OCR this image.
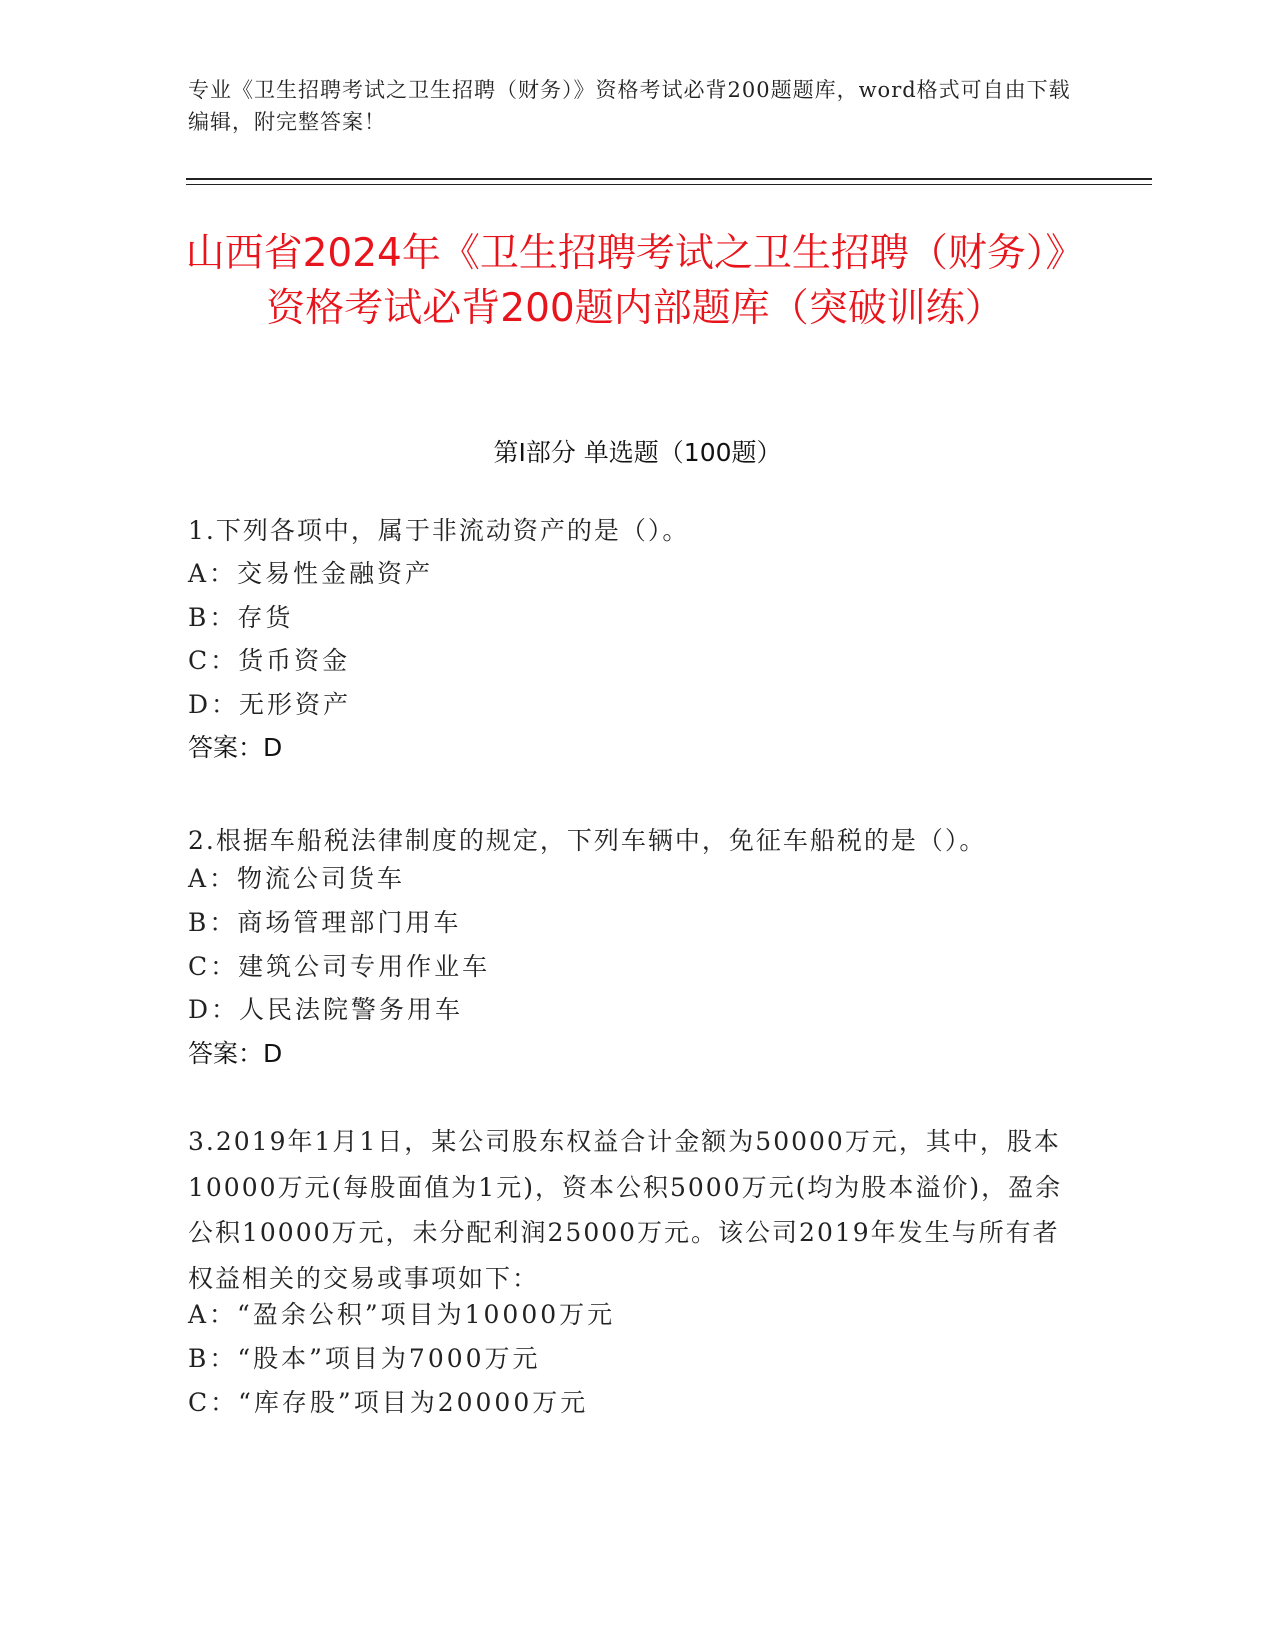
专业《卫生招聘考试之卫生招聘（财务）》资格考试必背200题题库，word格式可自由下载编辑，附完整答案！
山西省2024年《卫生招聘考试之卫生招聘（财务）》资格考试必背200题内部题库（突破训练）
第I部分 单选题（100题）
1.下列各项中，属于非流动资产的是（）。
A：交易性金融资产
B：存货
C：货币资金
D：无形资产
答案：D
2.根据车船税法律制度的规定，下列车辆中，免征车船税的是（）。
A：物流公司货车
B：商场管理部门用车
C：建筑公司专用作业车
D：人民法院警务用车
答案：D
3.2019年1月1日，某公司股东权益合计金额为50000万元，其中，股本10000万元(每股面值为1元)，资本公积5000万元(均为股本溢价)，盈余公积10000万元，未分配利润25000万元。该公司2019年发生与所有者权益相关的交易或事项如下：
A：“盈余公积”项目为10000万元
B：“股本”项目为7000万元
C：“库存股”项目为20000万元
